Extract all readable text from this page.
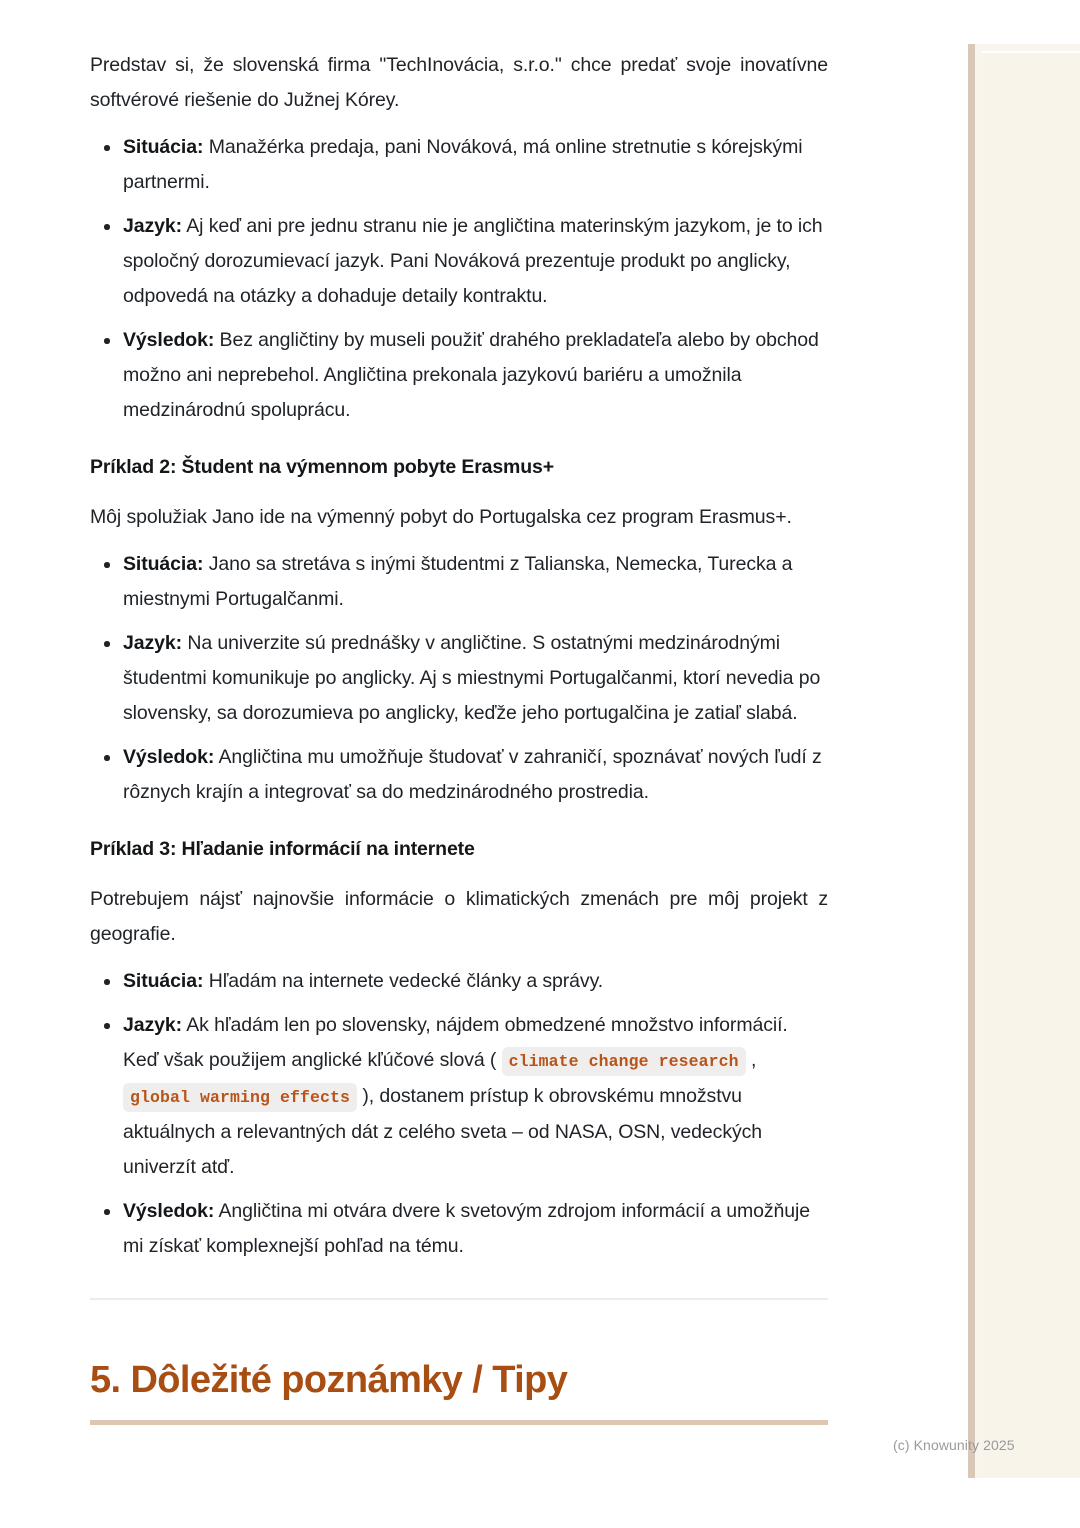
Predstav si, že slovenská firma "TechInovácia, s.r.o." chce predať svoje inovatívne softvérové riešenie do Južnej Kórey.

Situácia: Manažérka predaja, pani Nováková, má online stretnutie s kórejskými partnermi.
Jazyk: Aj keď ani pre jednu stranu nie je angličtina materinským jazykom, je to ich spoločný dorozumievací jazyk. Pani Nováková prezentuje produkt po anglicky, odpovedá na otázky a dohaduje detaily kontraktu.
Výsledok: Bez angličtiny by museli použiť drahého prekladateľa alebo by obchod možno ani neprebehol. Angličtina prekonala jazykovú bariéru a umožnila medzinárodnú spoluprácu.
Príklad 2: Študent na výmennom pobyte Erasmus+

Môj spolužiak Jano ide na výmenný pobyt do Portugalska cez program Erasmus+.

Situácia: Jano sa stretáva s inými študentmi z Talianska, Nemecka, Turecka a miestnymi Portugalčanmi.
Jazyk: Na univerzite sú prednášky v angličtine. S ostatnými medzinárodnými študentmi komunikuje po anglicky. Aj s miestnymi Portugalčanmi, ktorí nevedia po slovensky, sa dorozumieva po anglicky, keďže jeho portugalčina je zatiaľ slabá.
Výsledok: Angličtina mu umožňuje študovať v zahraničí, spoznávať nových ľudí z rôznych krajín a integrovať sa do medzinárodného prostredia.
Príklad 3: Hľadanie informácií na internete

Potrebujem nájsť najnovšie informácie o klimatických zmenách pre môj projekt z geografie.

Situácia: Hľadám na internete vedecké články a správy.
Jazyk: Ak hľadám len po slovensky, nájdem obmedzené množstvo informácií. Keď však použijem anglické kľúčové slová ( climate change research , global warming effects ), dostanem prístup k obrovskému množstvu aktuálnych a relevantných dát z celého sveta – od NASA, OSN, vedeckých univerzít atď.
Výsledok: Angličtina mi otvára dvere k svetovým zdrojom informácií a umožňuje mi získať komplexnejší pohľad na tému.
5. Dôležité poznámky / Tipy
(c) Knowunity 2025
